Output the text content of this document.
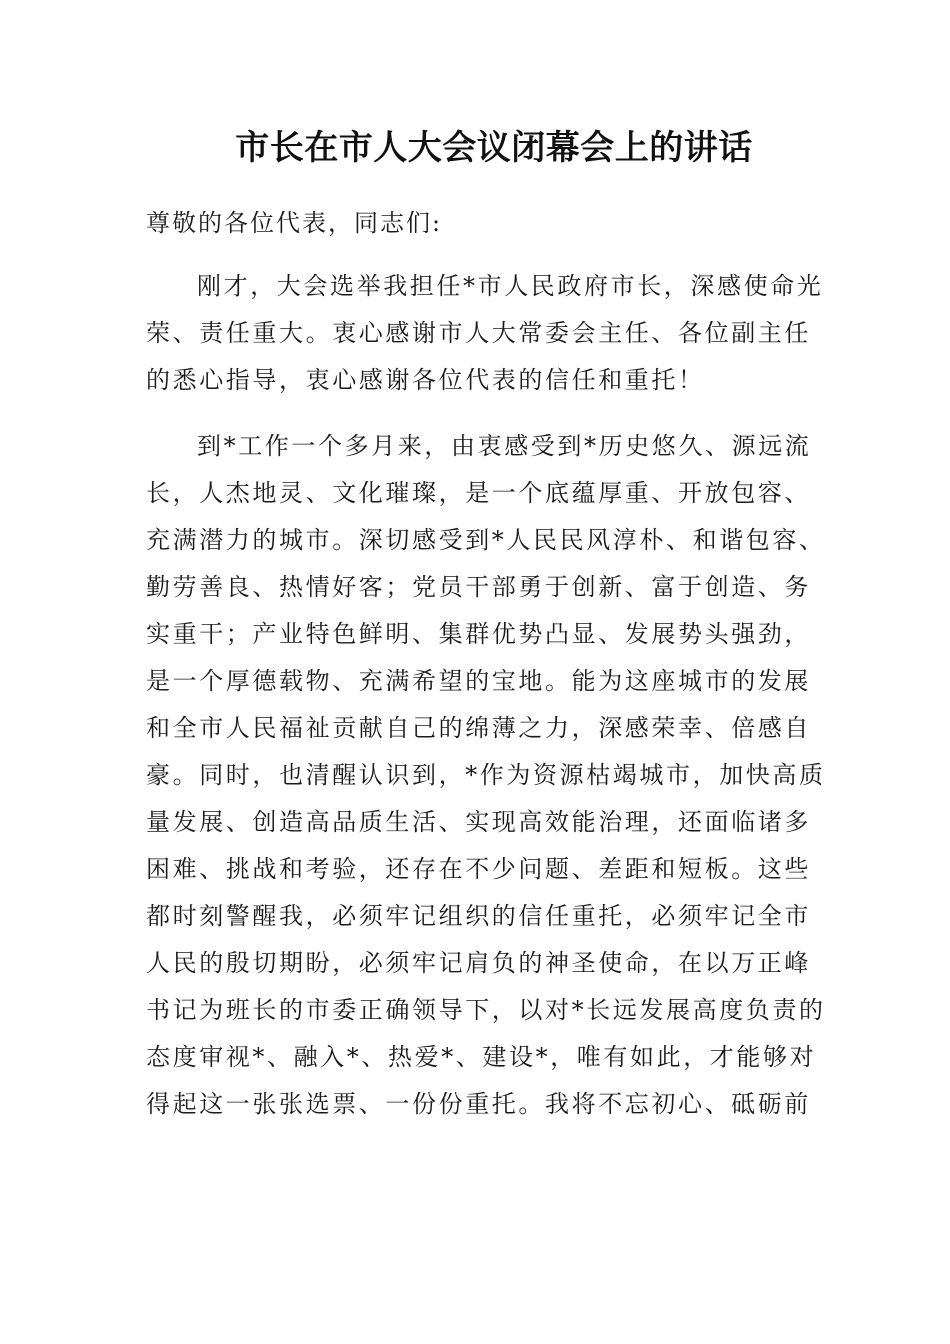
市长在市人大会议闭幕会上的讲话
尊敬的各位代表，同志们:
刚才，大会选举我担任*市人民政府市长，深感使命光
荣、责任重大。衷心感谢市人大常委会主任、各位副主任
的悉心指导，衷心感谢各位代表的信任和重托！
到*工作一个多月来，由衷感受到*历史悠久、源远流
长，人杰地灵、文化璀璨，是一个底蕴厚重、开放包容、
充满潜力的城市。深切感受到*人民民风淳朴、和谐包容、
勤劳善良、热情好客；党员干部勇于创新、富于创造、务
实重干；产业特色鲜明、集群优势凸显、发展势头强劲，
是一个厚德载物、充满希望的宝地。能为这座城市的发展
和全市人民福祉贡献自己的绵薄之力，深感荣幸、倍感自
豪。同时，也清醒认识到，*作为资源枯竭城市，加快高质
量发展、创造高品质生活、实现高效能治理，还面临诸多
困难、挑战和考验，还存在不少问题、差距和短板。这些
都时刻警醒我，必须牢记组织的信任重托，必须牢记全市
人民的殷切期盼，必须牢记肩负的神圣使命，在以万正峰
书记为班长的市委正确领导下，以对*长远发展高度负责的
态度审视*、融入*、热爱*、建设*，唯有如此，才能够对
得起这一张张选票、一份份重托。我将不忘初心、砥砺前
